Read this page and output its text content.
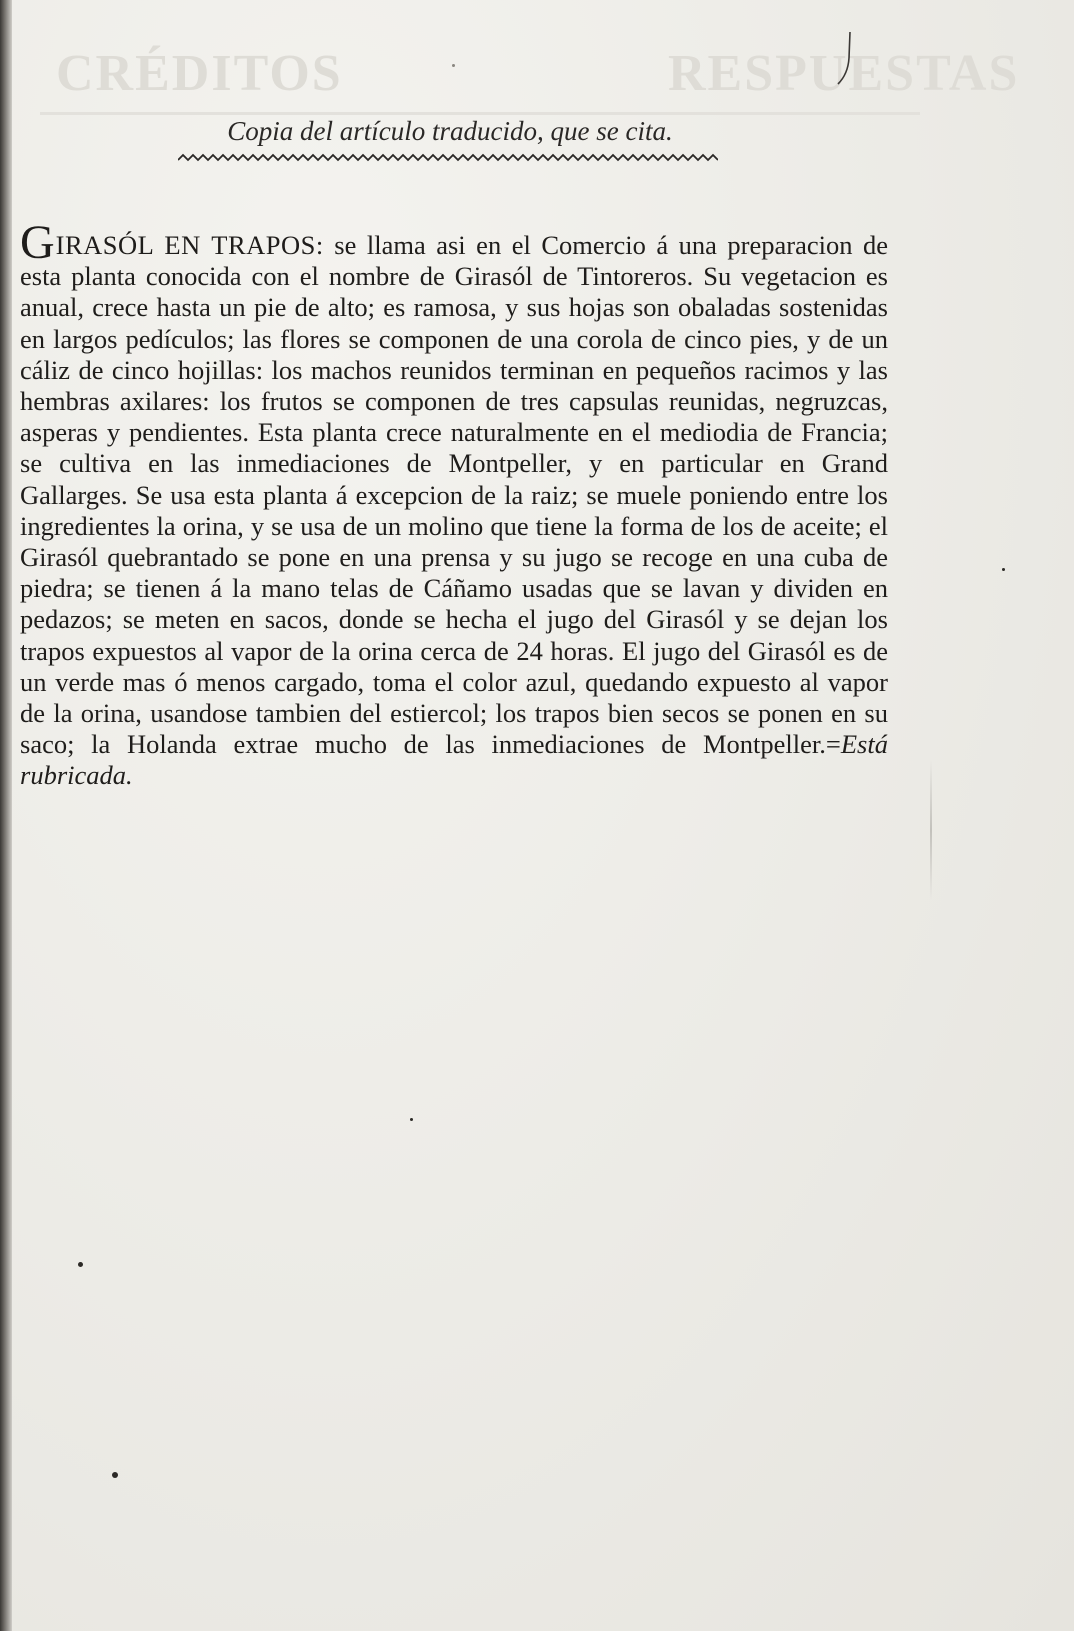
CRÉDITOS	RESPUESTAS
Copia del artículo traducido, que se cita.

GIRASÓL EN TRAPOS: se llama asi en el Comercio á una preparacion de esta planta conocida con el nombre de Girasól de Tintoreros. Su vegetacion es anual, crece hasta un pie de alto; es ramosa, y sus hojas son obaladas sostenidas en largos pedículos; las flores se componen de una corola de cinco pies, y de un cáliz de cinco hojillas: los machos reunidos terminan en pequeños racimos y las hembras axilares: los frutos se componen de tres capsulas reunidas, negruzcas, asperas y pendientes. Esta planta crece naturalmente en el mediodia de Francia; se cultiva en las inmediaciones de Montpeller, y en particular en Grand Gallarges. Se usa esta planta á excepcion de la raiz; se muele poniendo entre los ingredientes la orina, y se usa de un molino que tiene la forma de los de aceite; el Girasól quebrantado se pone en una prensa y su jugo se recoge en una cuba de piedra; se tienen á la mano telas de Cáñamo usadas que se lavan y dividen en pedazos; se meten en sacos, donde se hecha el jugo del Girasól y se dejan los trapos expuestos al vapor de la orina cerca de 24 horas. El jugo del Girasól es de un verde mas ó menos cargado, toma el color azul, quedando expuesto al vapor de la orina, usandose tambien del estiercol; los trapos bien secos se ponen en su saco; la Holanda extrae mucho de las inmediaciones de Montpeller.=Está rubricada.
